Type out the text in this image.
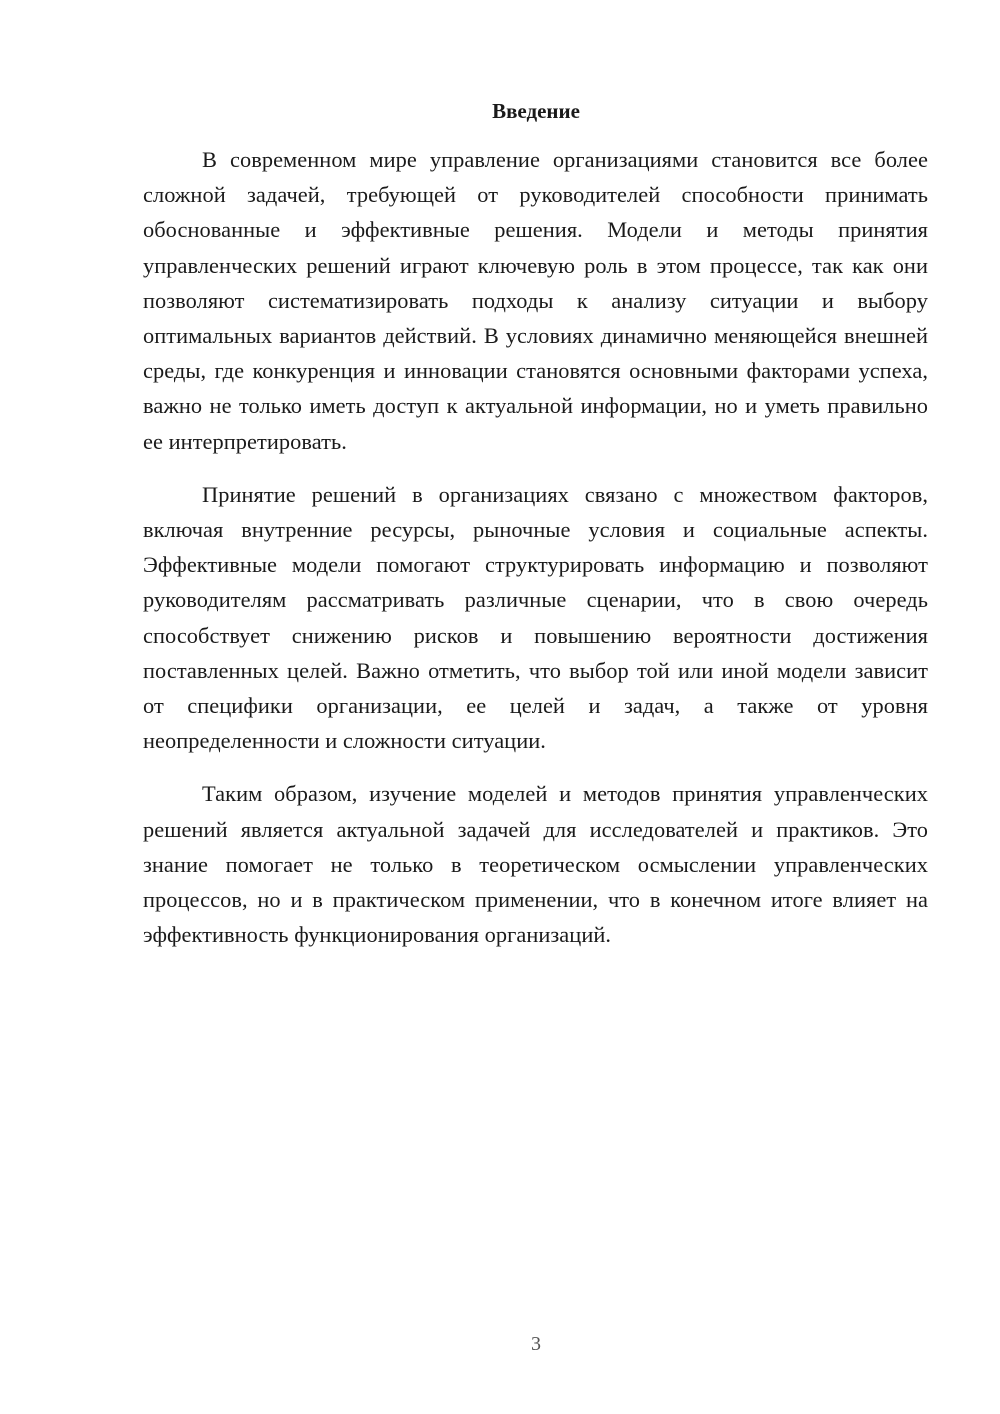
Введение

В современном мире управление организациями становится все более сложной задачей, требующей от руководителей способности принимать обоснованные и эффективные решения. Модели и методы принятия управленческих решений играют ключевую роль в этом процессе, так как они позволяют систематизировать подходы к анализу ситуации и выбору оптимальных вариантов действий. В условиях динамично меняющейся внешней среды, где конкуренция и инновации становятся основными факторами успеха, важно не только иметь доступ к актуальной информации, но и уметь правильно ее интерпретировать.

Принятие решений в организациях связано с множеством факторов, включая внутренние ресурсы, рыночные условия и социальные аспекты. Эффективные модели помогают структурировать информацию и позволяют руководителям рассматривать различные сценарии, что в свою очередь способствует снижению рисков и повышению вероятности достижения поставленных целей. Важно отметить, что выбор той или иной модели зависит от специфики организации, ее целей и задач, а также от уровня неопределенности и сложности ситуации.

Таким образом, изучение моделей и методов принятия управленческих решений является актуальной задачей для исследователей и практиков. Это знание помогает не только в теоретическом осмыслении управленческих процессов, но и в практическом применении, что в конечном итоге влияет на эффективность функционирования организаций.

3
